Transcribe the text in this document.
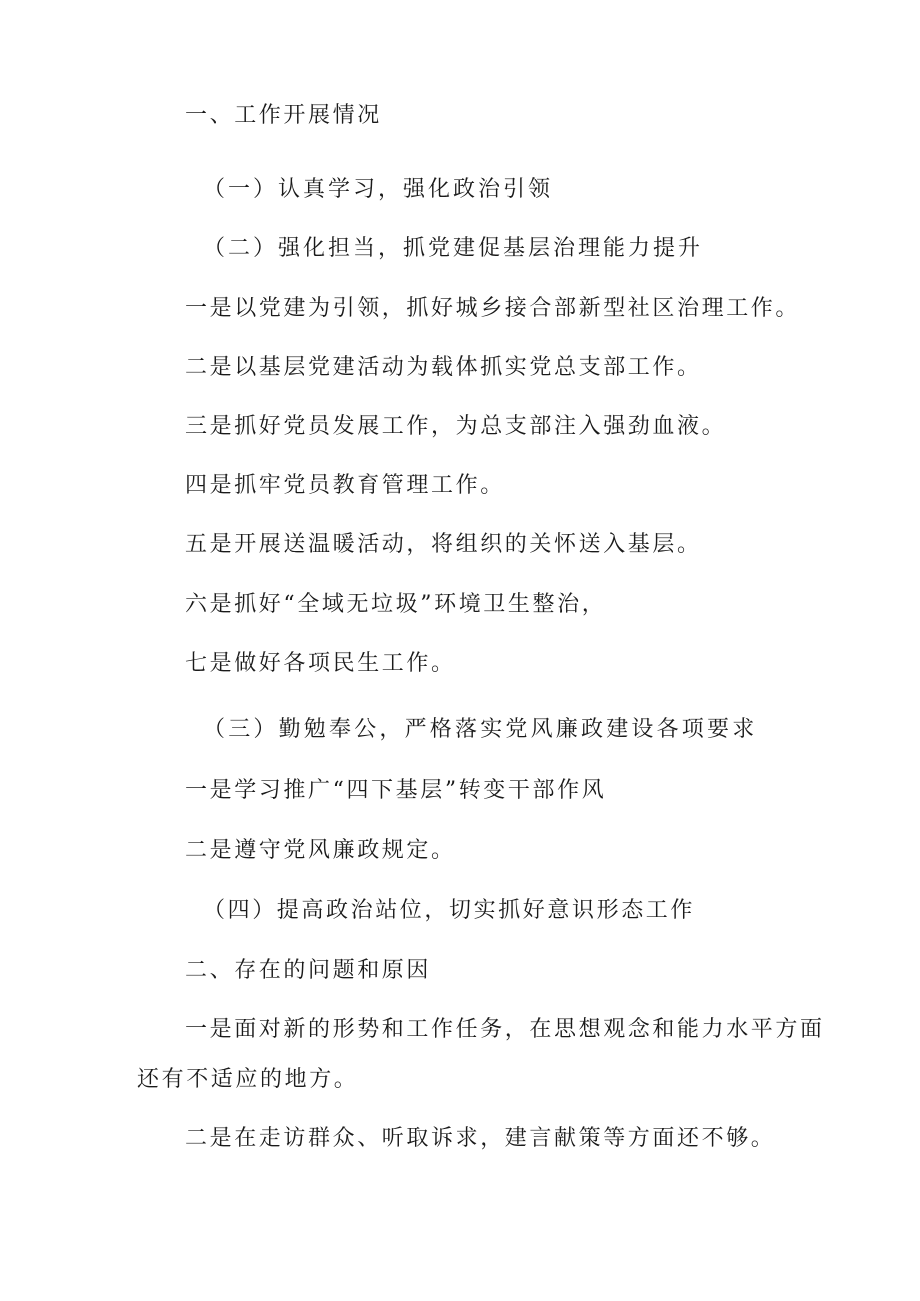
一、工作开展情况
（一）认真学习，强化政治引领
（二）强化担当，抓党建促基层治理能力提升
一是以党建为引领，抓好城乡接合部新型社区治理工作。
二是以基层党建活动为载体抓实党总支部工作。
三是抓好党员发展工作，为总支部注入强劲血液。
四是抓牢党员教育管理工作。
五是开展送温暖活动，将组织的关怀送入基层。
六是抓好“全域无垃圾”环境卫生整治，
七是做好各项民生工作。
（三）勤勉奉公，严格落实党风廉政建设各项要求
一是学习推广“四下基层”转变干部作风
二是遵守党风廉政规定。
（四）提高政治站位，切实抓好意识形态工作
二、存在的问题和原因
一是面对新的形势和工作任务，在思想观念和能力水平方面
还有不适应的地方。
二是在走访群众、听取诉求，建言献策等方面还不够。
